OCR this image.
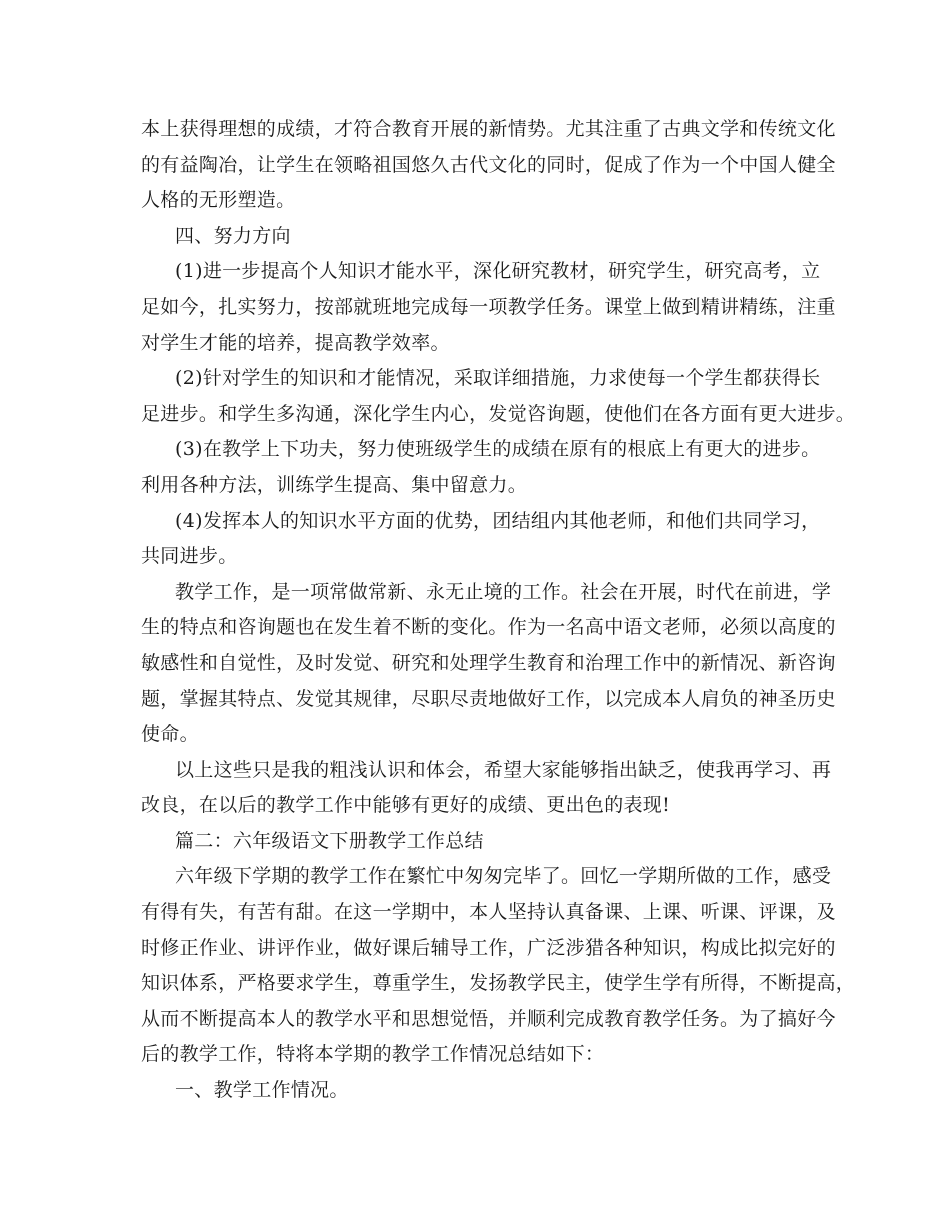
本上获得理想的成绩，才符合教育开展的新情势。尤其注重了古典文学和传统文化
的有益陶冶，让学生在领略祖国悠久古代文化的同时，促成了作为一个中国人健全
人格的无形塑造。
四、努力方向
(1)进一步提高个人知识才能水平，深化研究教材，研究学生，研究高考，立
足如今，扎实努力，按部就班地完成每一项教学任务。课堂上做到精讲精练，注重
对学生才能的培养，提高教学效率。
(2)针对学生的知识和才能情况，采取详细措施，力求使每一个学生都获得长
足进步。和学生多沟通，深化学生内心，发觉咨询题，使他们在各方面有更大进步。
(3)在教学上下功夫，努力使班级学生的成绩在原有的根底上有更大的进步。
利用各种方法，训练学生提高、集中留意力。
(4)发挥本人的知识水平方面的优势，团结组内其他老师，和他们共同学习，
共同进步。
教学工作，是一项常做常新、永无止境的工作。社会在开展，时代在前进，学
生的特点和咨询题也在发生着不断的变化。作为一名高中语文老师，必须以高度的
敏感性和自觉性，及时发觉、研究和处理学生教育和治理工作中的新情况、新咨询
题，掌握其特点、发觉其规律，尽职尽责地做好工作，以完成本人肩负的神圣历史
使命。
以上这些只是我的粗浅认识和体会，希望大家能够指出缺乏，使我再学习、再
改良，在以后的教学工作中能够有更好的成绩、更出色的表现!
篇二：六年级语文下册教学工作总结
六年级下学期的教学工作在繁忙中匆匆完毕了。回忆一学期所做的工作，感受
有得有失，有苦有甜。在这一学期中，本人坚持认真备课、上课、听课、评课，及
时修正作业、讲评作业，做好课后辅导工作，广泛涉猎各种知识，构成比拟完好的
知识体系，严格要求学生，尊重学生，发扬教学民主，使学生学有所得，不断提高，
从而不断提高本人的教学水平和思想觉悟，并顺利完成教育教学任务。为了搞好今
后的教学工作，特将本学期的教学工作情况总结如下：
一、教学工作情况。
